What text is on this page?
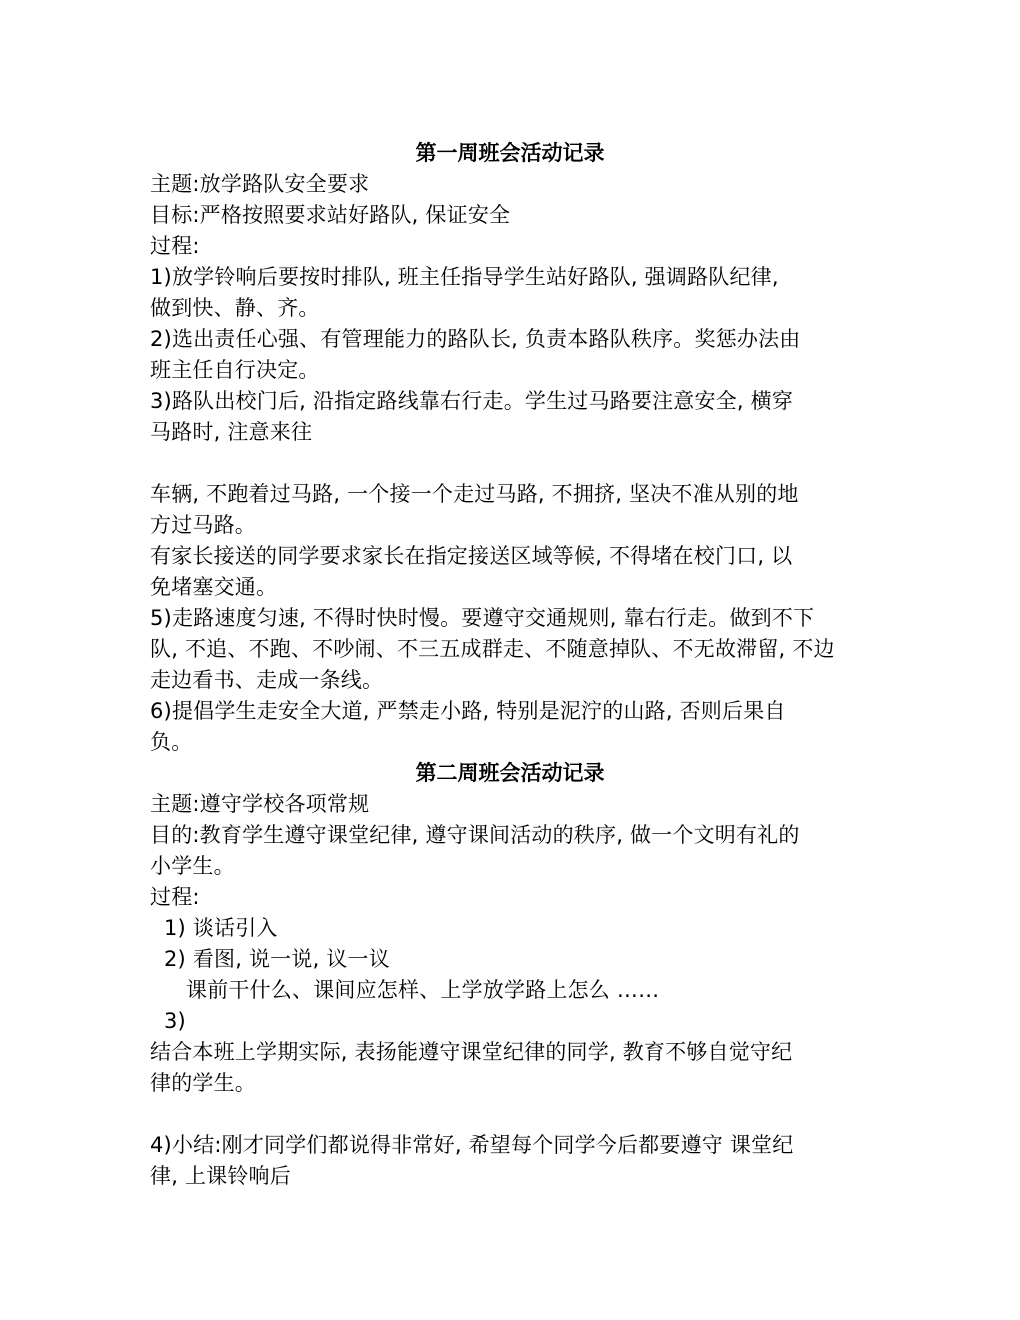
第一周班会活动记录
主题:放学路队安全要求
目标:严格按照要求站好路队, 保证安全
过程:
1)放学铃响后要按时排队, 班主任指导学生站好路队, 强调路队纪律,
做到快、静、齐。
2)选出责任心强、有管理能力的路队长, 负责本路队秩序。奖惩办法由
班主任自行决定。
3)路队出校门后, 沿指定路线靠右行走。学生过马路要注意安全, 横穿
马路时, 注意来往
车辆, 不跑着过马路, 一个接一个走过马路, 不拥挤, 坚决不准从别的地
方过马路。
有家长接送的同学要求家长在指定接送区域等候, 不得堵在校门口, 以
免堵塞交通。
5)走路速度匀速, 不得时快时慢。要遵守交通规则, 靠右行走。做到不下
队, 不追、不跑、不吵闹、不三五成群走、不随意掉队、不无故滞留, 不边
走边看书、走成一条线。
6)提倡学生走安全大道, 严禁走小路, 特别是泥泞的山路, 否则后果自
负。
第二周班会活动记录
主题:遵守学校各项常规
目的:教育学生遵守课堂纪律, 遵守课间活动的秩序, 做一个文明有礼的
小学生。
过程:
1) 谈话引入
2) 看图, 说一说, 议一议
课前干什么、课间应怎样、上学放学路上怎么 ……
3)
结合本班上学期实际, 表扬能遵守课堂纪律的同学, 教育不够自觉守纪
律的学生。
4)小结:刚才同学们都说得非常好, 希望每个同学今后都要遵守 课堂纪
律, 上课铃响后
